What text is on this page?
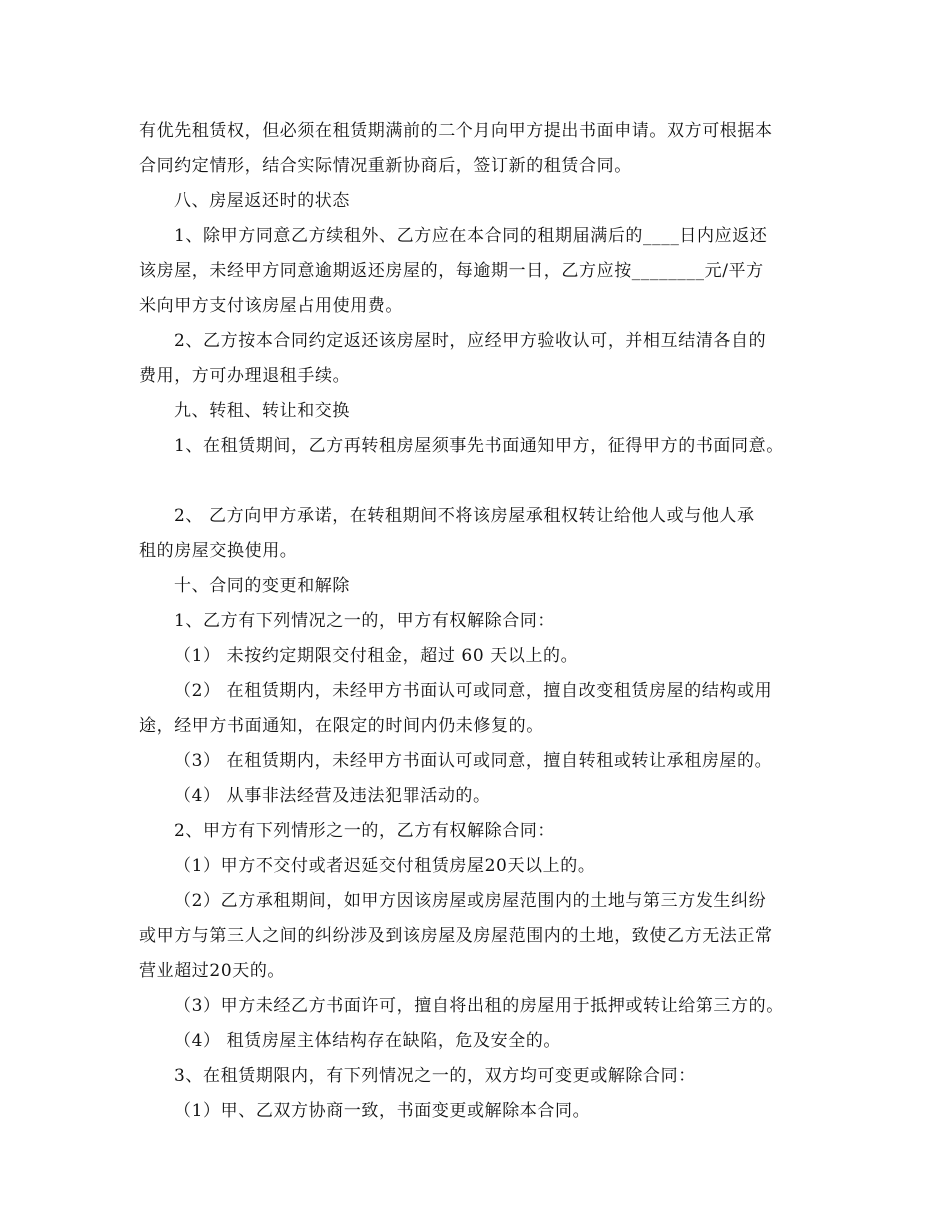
有优先租赁权，但必须在租赁期满前的二个月向甲方提出书面申请。双方可根据本
合同约定情形，结合实际情况重新协商后，签订新的租赁合同。
八、房屋返还时的状态
1、除甲方同意乙方续租外、乙方应在本合同的租期届满后的____日内应返还
该房屋，未经甲方同意逾期返还房屋的，每逾期一日，乙方应按________元/平方
米向甲方支付该房屋占用使用费。
2、乙方按本合同约定返还该房屋时，应经甲方验收认可，并相互结清各自的
费用，方可办理退租手续。
九、转租、转让和交换
1、在租赁期间，乙方再转租房屋须事先书面通知甲方，征得甲方的书面同意。
2、 乙方向甲方承诺，在转租期间不将该房屋承租权转让给他人或与他人承
租的房屋交换使用。
十、合同的变更和解除
1、乙方有下列情况之一的，甲方有权解除合同：
（1） 未按约定期限交付租金，超过 60 天以上的。
（2） 在租赁期内，未经甲方书面认可或同意，擅自改变租赁房屋的结构或用
途，经甲方书面通知，在限定的时间内仍未修复的。
（3） 在租赁期内，未经甲方书面认可或同意，擅自转租或转让承租房屋的。
（4） 从事非法经营及违法犯罪活动的。
2、甲方有下列情形之一的，乙方有权解除合同：
（1）甲方不交付或者迟延交付租赁房屋20天以上的。
（2）乙方承租期间，如甲方因该房屋或房屋范围内的土地与第三方发生纠纷
或甲方与第三人之间的纠纷涉及到该房屋及房屋范围内的土地，致使乙方无法正常
营业超过20天的。
（3）甲方未经乙方书面许可，擅自将出租的房屋用于抵押或转让给第三方的。
（4） 租赁房屋主体结构存在缺陷，危及安全的。
3、在租赁期限内，有下列情况之一的，双方均可变更或解除合同：
（1）甲、乙双方协商一致，书面变更或解除本合同。
